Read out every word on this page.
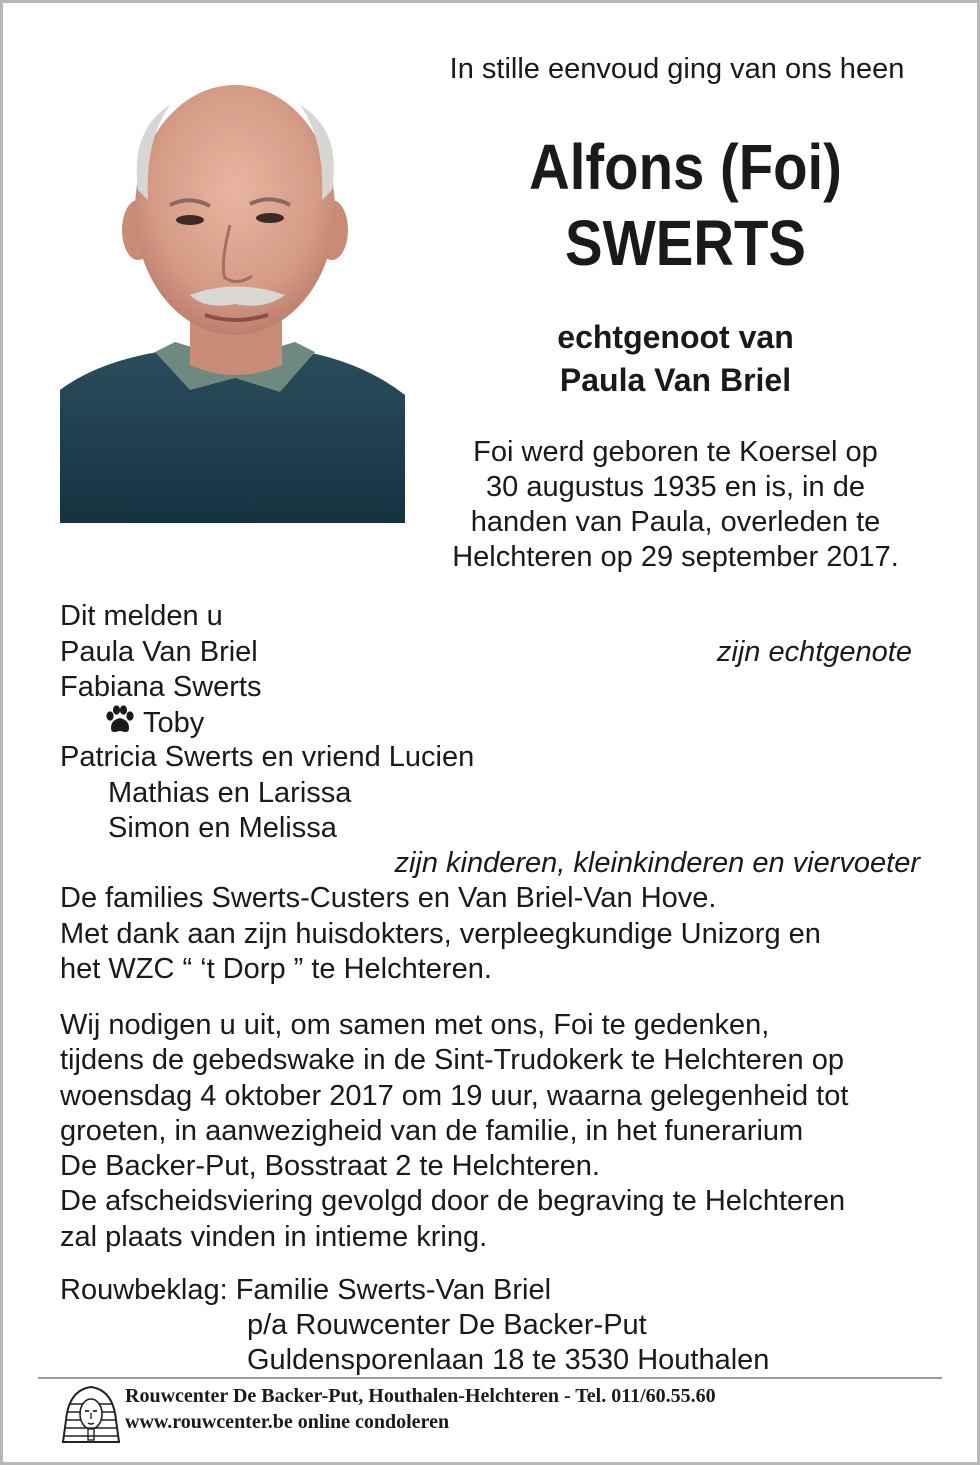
In stille eenvoud ging van ons heen
Alfons (Foi)
SWERTS
echtgenoot van
Paula Van Briel
Foi werd geboren te Koersel op
30 augustus 1935 en is, in de
handen van Paula, overleden te
Helchteren op 29 september 2017.
Dit melden u
Paula Van Briel	zijn echtgenote
Fabiana Swerts
Toby
Patricia Swerts en vriend Lucien
Mathias en Larissa
Simon en Melissa
zijn kinderen, kleinkinderen en viervoeter
De families Swerts-Custers en Van Briel-Van Hove.
Met dank aan zijn huisdokters, verpleegkundige Unizorg en
het WZC “ ‘t Dorp ” te Helchteren.
Wij nodigen u uit, om samen met ons, Foi te gedenken,
tijdens de gebedswake in de Sint-Trudokerk te Helchteren op
woensdag 4 oktober 2017 om 19 uur, waarna gelegenheid tot
groeten, in aanwezigheid van de familie, in het funerarium
De Backer-Put, Bosstraat 2 te Helchteren.
De afscheidsviering gevolgd door de begraving te Helchteren
zal plaats vinden in intieme kring.
Rouwbeklag: Familie Swerts-Van Briel
p/a Rouwcenter De Backer-Put
Guldensporenlaan 18 te 3530 Houthalen
Rouwcenter De Backer-Put, Houthalen-Helchteren - Tel. 011/60.55.60
www.rouwcenter.be online condoleren
